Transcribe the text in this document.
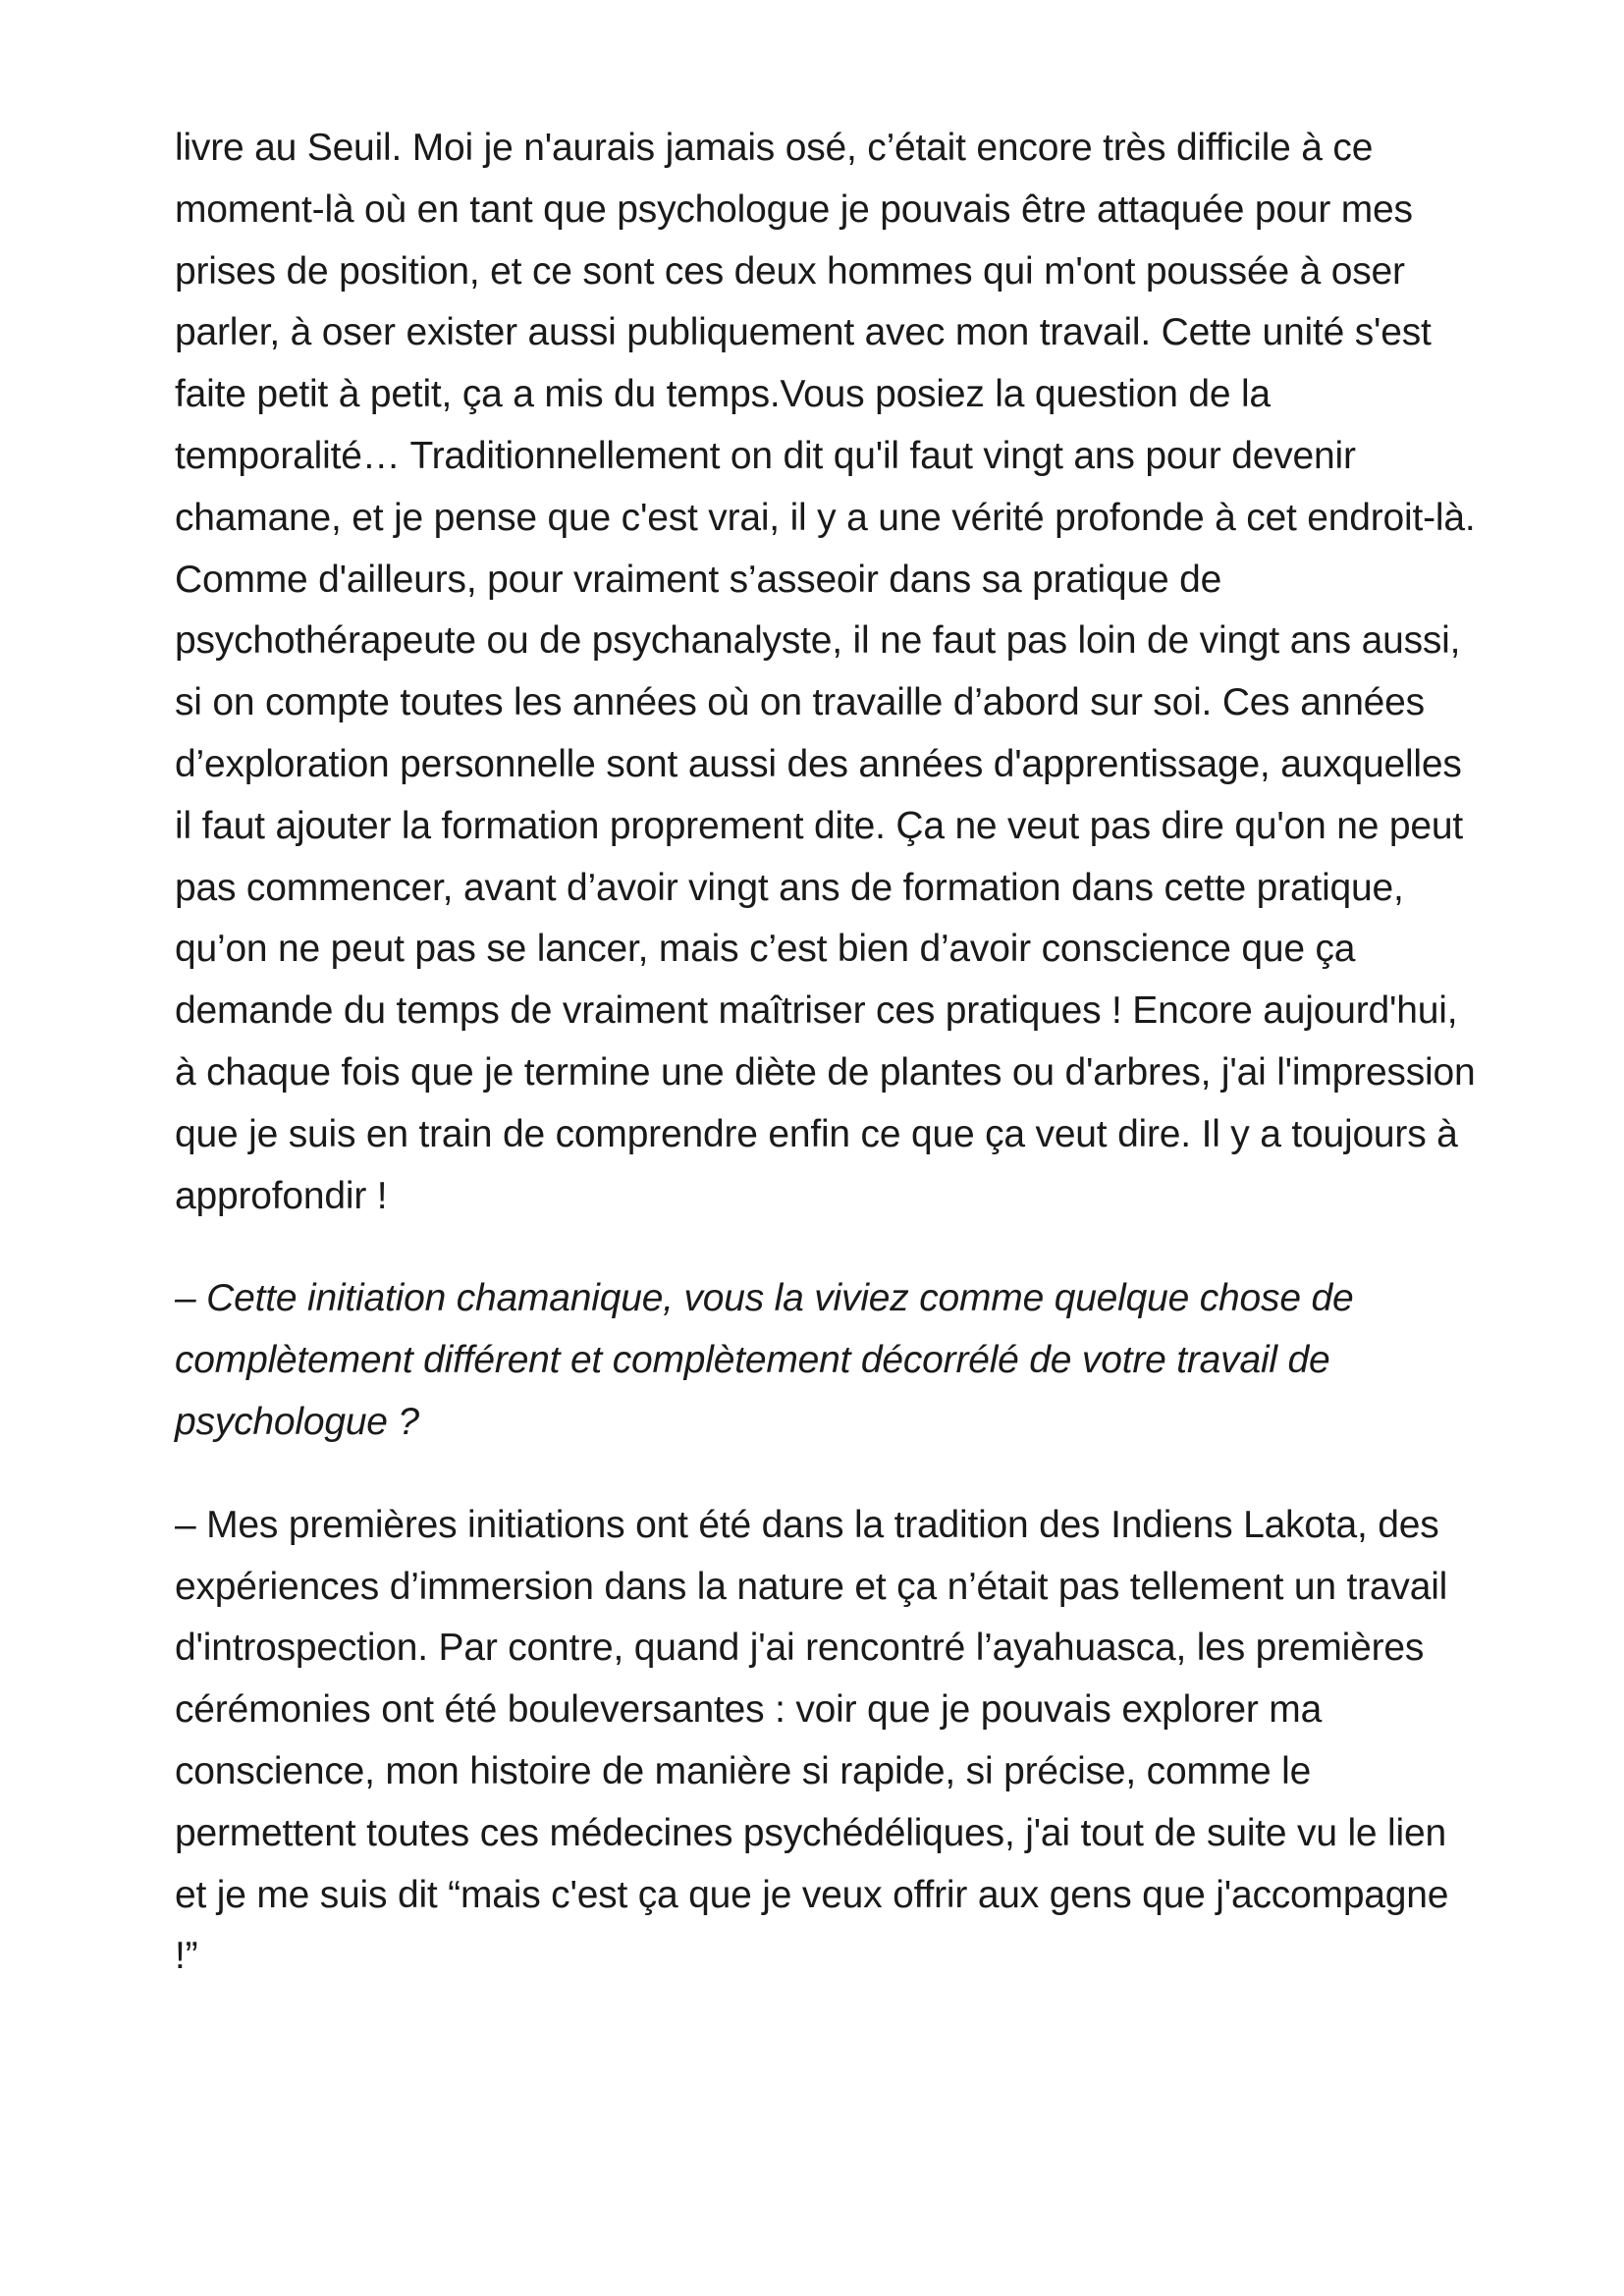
livre au Seuil. Moi je n'aurais jamais osé, c’était encore très difficile à ce moment-là où en tant que psychologue je pouvais être attaquée pour mes prises de position, et ce sont ces deux hommes qui m'ont poussée à oser parler, à oser exister aussi publiquement avec mon travail. Cette unité s'est faite petit à petit, ça a mis du temps.Vous posiez la question de la temporalité… Traditionnellement on dit qu'il faut vingt ans pour devenir chamane, et je pense que c'est vrai, il y a une vérité profonde à cet endroit-là. Comme d'ailleurs, pour vraiment s’asseoir dans sa pratique de psychothérapeute ou de psychanalyste, il ne faut pas loin de vingt ans aussi, si on compte toutes les années où on travaille d’abord sur soi. Ces années d’exploration personnelle sont aussi des années d'apprentissage, auxquelles il faut ajouter la formation proprement dite. Ça ne veut pas dire qu'on ne peut pas commencer, avant d’avoir vingt ans de formation dans cette pratique, qu’on ne peut pas se lancer, mais c’est bien d’avoir conscience que ça demande du temps de vraiment maîtriser ces pratiques ! Encore aujourd'hui, à chaque fois que je termine une diète de plantes ou d'arbres, j'ai l'impression que je suis en train de comprendre enfin ce que ça veut dire. Il y a toujours à approfondir !

– Cette initiation chamanique, vous la viviez comme quelque chose de complètement différent et complètement décorrélé de votre travail de psychologue ?

– Mes premières initiations ont été dans la tradition des Indiens Lakota, des expériences d’immersion dans la nature et ça n’était pas tellement un travail d'introspection. Par contre, quand j'ai rencontré l’ayahuasca, les premières cérémonies ont été bouleversantes : voir que je pouvais explorer ma conscience, mon histoire de manière si rapide, si précise, comme le permettent toutes ces médecines psychédéliques, j'ai tout de suite vu le lien et je me suis dit “mais c'est ça que je veux offrir aux gens que j'accompagne !”
